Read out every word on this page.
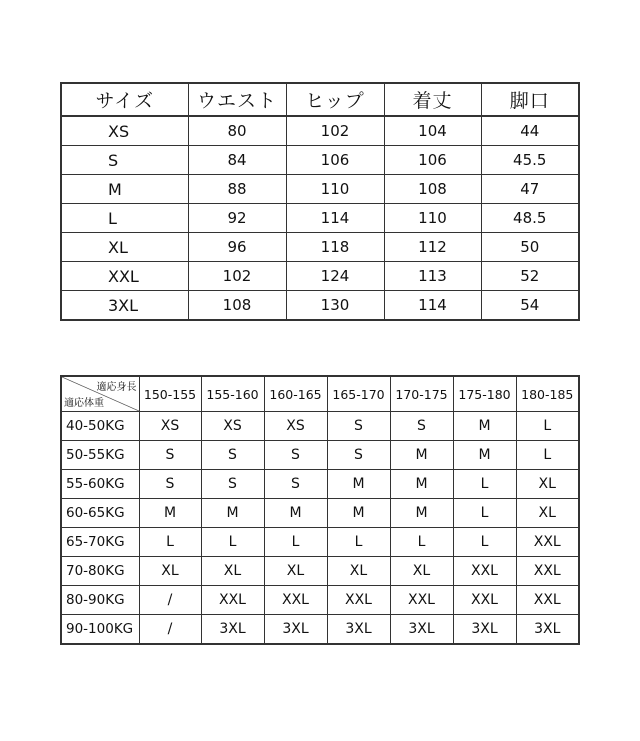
サイズ	ウエスト	ヒップ	着丈	脚口
XS	80	102	104	44
S	84	106	106	45.5
M	88	110	108	47
L	92	114	110	48.5
XL	96	118	112	50
XXL	102	124	113	52
3XL	108	130	114	54
適応身長
適応体重	150-155	155-160	160-165	165-170	170-175	175-180	180-185
40-50KG	XS	XS	XS	S	S	M	L
50-55KG	S	S	S	S	M	M	L
55-60KG	S	S	S	M	M	L	XL
60-65KG	M	M	M	M	M	L	XL
65-70KG	L	L	L	L	L	L	XXL
70-80KG	XL	XL	XL	XL	XL	XXL	XXL
80-90KG	/	XXL	XXL	XXL	XXL	XXL	XXL
90-100KG	/	3XL	3XL	3XL	3XL	3XL	3XL
